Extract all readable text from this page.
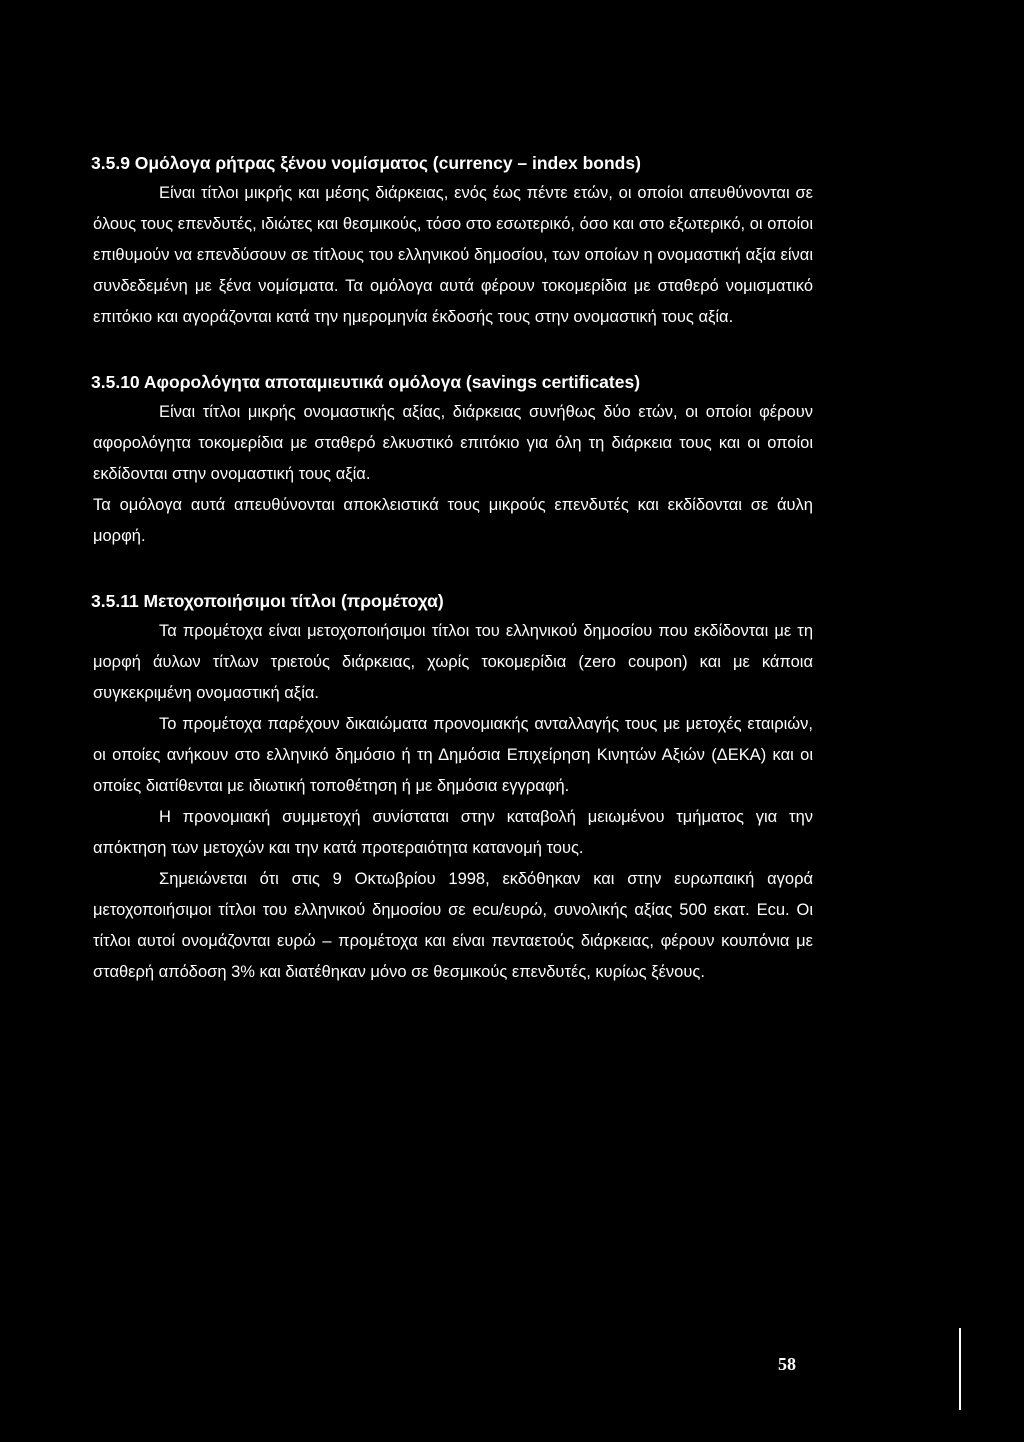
3.5.9 Ομόλογα ρήτρας ξένου νομίσματος (currency – index bonds)

Είναι τίτλοι μικρής και μέσης διάρκειας, ενός έως πέντε ετών, οι οποίοι απευθύνονται σε όλους τους επενδυτές, ιδιώτες και θεσμικούς, τόσο στο εσωτερικό, όσο και στο εξωτερικό, οι οποίοι επιθυμούν να επενδύσουν σε τίτλους του ελληνικού δημοσίου, των οποίων η ονομαστική αξία είναι συνδεδεμένη με ξένα νομίσματα. Τα ομόλογα αυτά φέρουν τοκομερίδια με σταθερό νομισματικό επιτόκιο και αγοράζονται κατά την ημερομηνία έκδοσής τους στην ονομαστική τους αξία.

3.5.10 Αφορολόγητα αποταμιευτικά ομόλογα (savings certificates)

Είναι τίτλοι μικρής ονομαστικής αξίας, διάρκειας συνήθως δύο ετών, οι οποίοι φέρουν αφορολόγητα τοκομερίδια με σταθερό ελκυστικό επιτόκιο για όλη τη διάρκεια τους και οι οποίοι εκδίδονται στην ονομαστική τους αξία.

Τα ομόλογα αυτά απευθύνονται αποκλειστικά τους μικρούς επενδυτές και εκδίδονται σε άυλη μορφή.

3.5.11 Μετοχοποιήσιμοι τίτλοι (προμέτοχα)

Τα προμέτοχα είναι μετοχοποιήσιμοι τίτλοι του ελληνικού δημοσίου που εκδίδονται με τη μορφή άυλων τίτλων τριετούς διάρκειας, χωρίς τοκομερίδια (zero coupon) και με κάποια συγκεκριμένη ονομαστική αξία.

Το προμέτοχα παρέχουν δικαιώματα προνομιακής ανταλλαγής τους με μετοχές εταιριών, οι οποίες ανήκουν στο ελληνικό δημόσιο ή τη Δημόσια Επιχείρηση Κινητών Αξιών (ΔΕΚΑ) και οι οποίες διατίθενται με ιδιωτική τοποθέτηση ή με δημόσια εγγραφή.

Η προνομιακή συμμετοχή συνίσταται στην καταβολή μειωμένου τμήματος για την απόκτηση των μετοχών και την κατά προτεραιότητα κατανομή τους.

Σημειώνεται ότι στις 9 Οκτωβρίου 1998, εκδόθηκαν και στην ευρωπαική αγορά μετοχοποιήσιμοι τίτλοι του ελληνικού δημοσίου σε ecu/ευρώ, συνολικής αξίας 500 εκατ. Ecu. Οι τίτλοι αυτοί ονομάζονται ευρώ – προμέτοχα και είναι πενταετούς διάρκειας, φέρουν κουπόνια με σταθερή απόδοση 3% και διατέθηκαν μόνο σε θεσμικούς επενδυτές, κυρίως ξένους.

58
